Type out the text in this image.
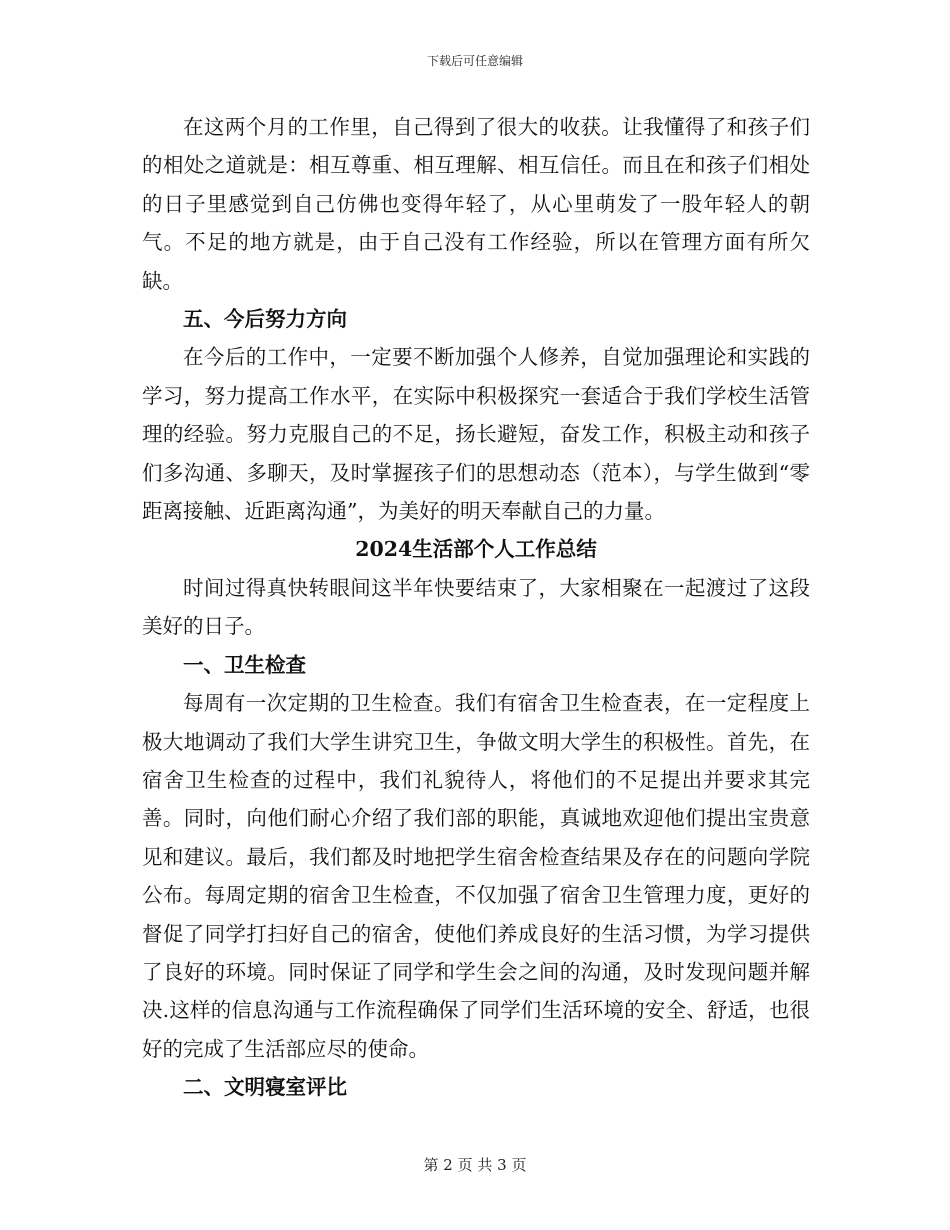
下载后可任意编辑

在这两个月的工作里，自己得到了很大的收获。让我懂得了和孩子们的相处之道就是：相互尊重、相互理解、相互信任。而且在和孩子们相处的日子里感觉到自己仿佛也变得年轻了，从心里萌发了一股年轻人的朝气。不足的地方就是，由于自己没有工作经验，所以在管理方面有所欠缺。

五、今后努力方向

在今后的工作中，一定要不断加强个人修养，自觉加强理论和实践的学习，努力提高工作水平，在实际中积极探究一套适合于我们学校生活管理的经验。努力克服自己的不足，扬长避短，奋发工作，积极主动和孩子们多沟通、多聊天，及时掌握孩子们的思想动态（范本），与学生做到“零距离接触、近距离沟通”，为美好的明天奉献自己的力量。

2024生活部个人工作总结

时间过得真快转眼间这半年快要结束了，大家相聚在一起渡过了这段美好的日子。

一、卫生检查

每周有一次定期的卫生检查。我们有宿舍卫生检查表，在一定程度上极大地调动了我们大学生讲究卫生，争做文明大学生的积极性。首先，在宿舍卫生检查的过程中，我们礼貌待人，将他们的不足提出并要求其完善。同时，向他们耐心介绍了我们部的职能，真诚地欢迎他们提出宝贵意见和建议。最后，我们都及时地把学生宿舍检查结果及存在的问题向学院公布。每周定期的宿舍卫生检查，不仅加强了宿舍卫生管理力度，更好的督促了同学打扫好自己的宿舍，使他们养成良好的生活习惯，为学习提供了良好的环境。同时保证了同学和学生会之间的沟通，及时发现问题并解决.这样的信息沟通与工作流程确保了同学们生活环境的安全、舒适，也很好的完成了生活部应尽的使命。

二、文明寝室评比

第 2 页 共 3 页
